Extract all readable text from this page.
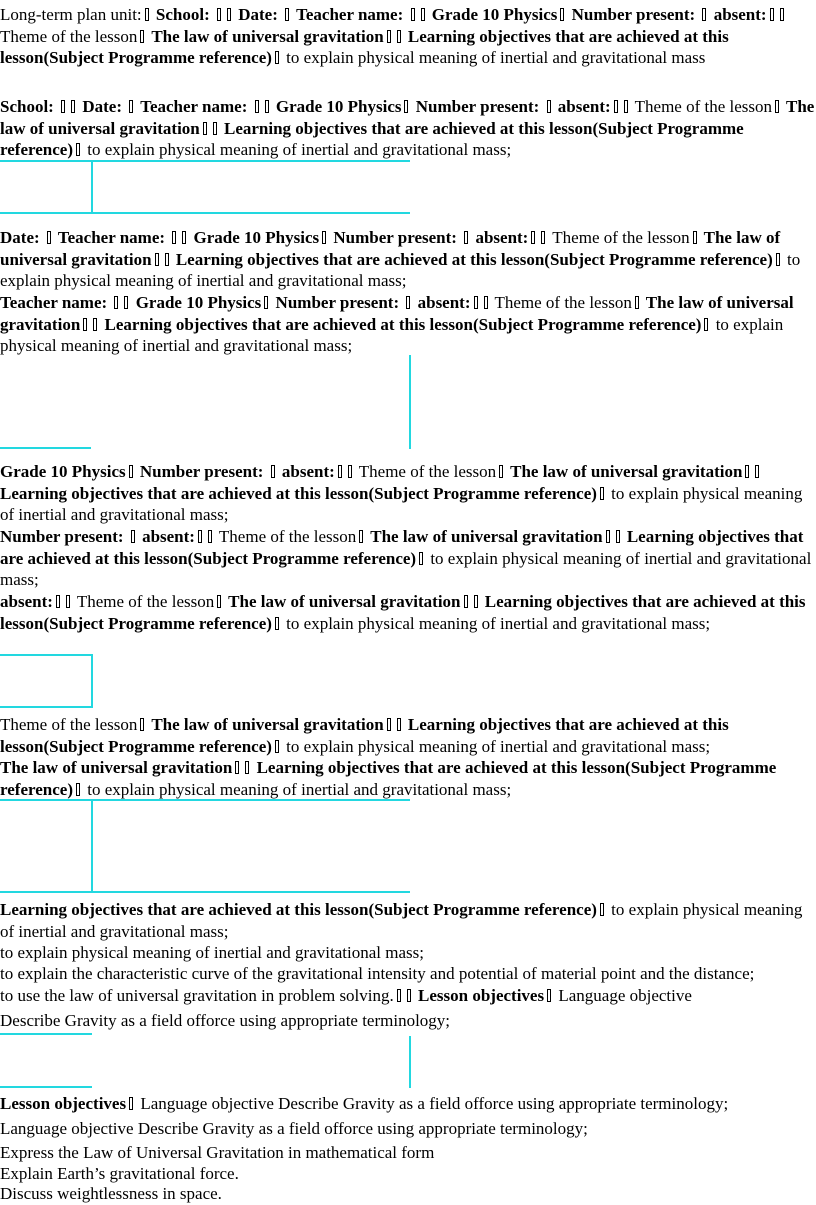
Long-term plan unit: School:  Date:  Teacher name:  Grade 10 Physics Number present:  absent: Theme of the lesson The law of universal gravitation Learning objectives that are achieved at this lesson(Subject Programme reference) to explain physical meaning of inertial and gravitational mass
School:  Date:  Teacher name:  Grade 10 Physics Number present:  absent: Theme of the lesson The law of universal gravitation Learning objectives that are achieved at this lesson(Subject Programme reference) to explain physical meaning of inertial and gravitational mass;
Date:  Teacher name:  Grade 10 Physics Number present:  absent: Theme of the lesson The law of universal gravitation Learning objectives that are achieved at this lesson(Subject Programme reference) to explain physical meaning of inertial and gravitational mass;
Teacher name:  Grade 10 Physics Number present:  absent: Theme of the lesson The law of universal gravitation Learning objectives that are achieved at this lesson(Subject Programme reference) to explain physical meaning of inertial and gravitational mass;
Grade 10 Physics Number present:  absent: Theme of the lesson The law of universal gravitation Learning objectives that are achieved at this lesson(Subject Programme reference) to explain physical meaning of inertial and gravitational mass;
Number present:  absent: Theme of the lesson The law of universal gravitation Learning objectives that are achieved at this lesson(Subject Programme reference) to explain physical meaning of inertial and gravitational mass;
absent: Theme of the lesson The law of universal gravitation Learning objectives that are achieved at this lesson(Subject Programme reference) to explain physical meaning of inertial and gravitational mass;
Theme of the lesson The law of universal gravitation Learning objectives that are achieved at this lesson(Subject Programme reference) to explain physical meaning of inertial and gravitational mass;
The law of universal gravitation Learning objectives that are achieved at this lesson(Subject Programme reference) to explain physical meaning of inertial and gravitational mass;
Learning objectives that are achieved at this lesson(Subject Programme reference) to explain physical meaning of inertial and gravitational mass;
to explain physical meaning of inertial and gravitational mass;
to explain the characteristic curve of the gravitational intensity and potential of material point and the distance;
to use the law of universal gravitation in problem solving. Lesson objectives Language objective
Describe Gravity as a field offorce using appropriate terminology;
Lesson objectives Language objective Describe Gravity as a field offorce using appropriate terminology;
Language objective Describe Gravity as a field offorce using appropriate terminology;
Express the Law of Universal Gravitation in mathematical form
Explain Earth’s gravitational force.
Discuss weightlessness in space.
